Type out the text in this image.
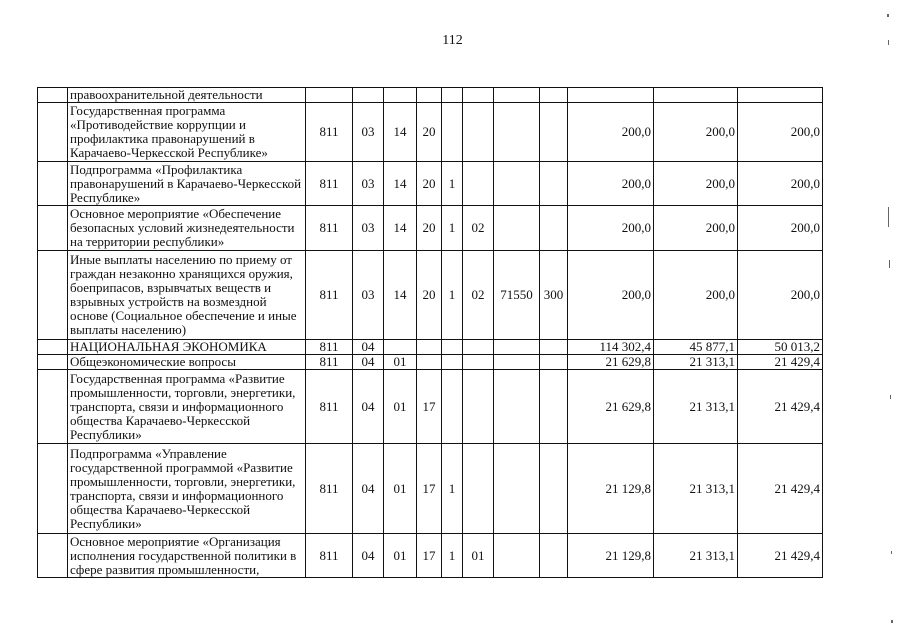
112
	правоохранительной деятельности											
	Государственная программа «Противодействие коррупции и профилактика правонарушений в Карачаево-Черкесской Республике»	811	03	14	20					200,0	200,0	200,0
	Подпрограмма «Профилактика правонарушений в Карачаево-Черкесской Республике»	811	03	14	20	1				200,0	200,0	200,0
	Основное мероприятие «Обеспечение безопасных условий жизнедеятельности на территории республики»	811	03	14	20	1	02			200,0	200,0	200,0
	Иные выплаты населению по приему от граждан незаконно хранящихся оружия, боеприпасов, взрывчатых веществ и взрывных устройств на возмездной основе (Социальное обеспечение и иные выплаты населению)	811	03	14	20	1	02	71550	300	200,0	200,0	200,0
	НАЦИОНАЛЬНАЯ ЭКОНОМИКА	811	04							114 302,4	45 877,1	50 013,2
	Общеэкономические вопросы	811	04	01						21 629,8	21 313,1	21 429,4
	Государственная программа «Развитие промышленности, торговли, энергетики, транспорта, связи и информационного общества Карачаево-Черкесской Республики»	811	04	01	17					21 629,8	21 313,1	21 429,4
	Подпрограмма «Управление государственной программой «Развитие промышленности, торговли, энергетики, транспорта, связи и информационного общества Карачаево-Черкесской Республики»	811	04	01	17	1				21 129,8	21 313,1	21 429,4
	Основное мероприятие «Организация исполнения государственной политики в сфере развития промышленности,	811	04	01	17	1	01			21 129,8	21 313,1	21 429,4
